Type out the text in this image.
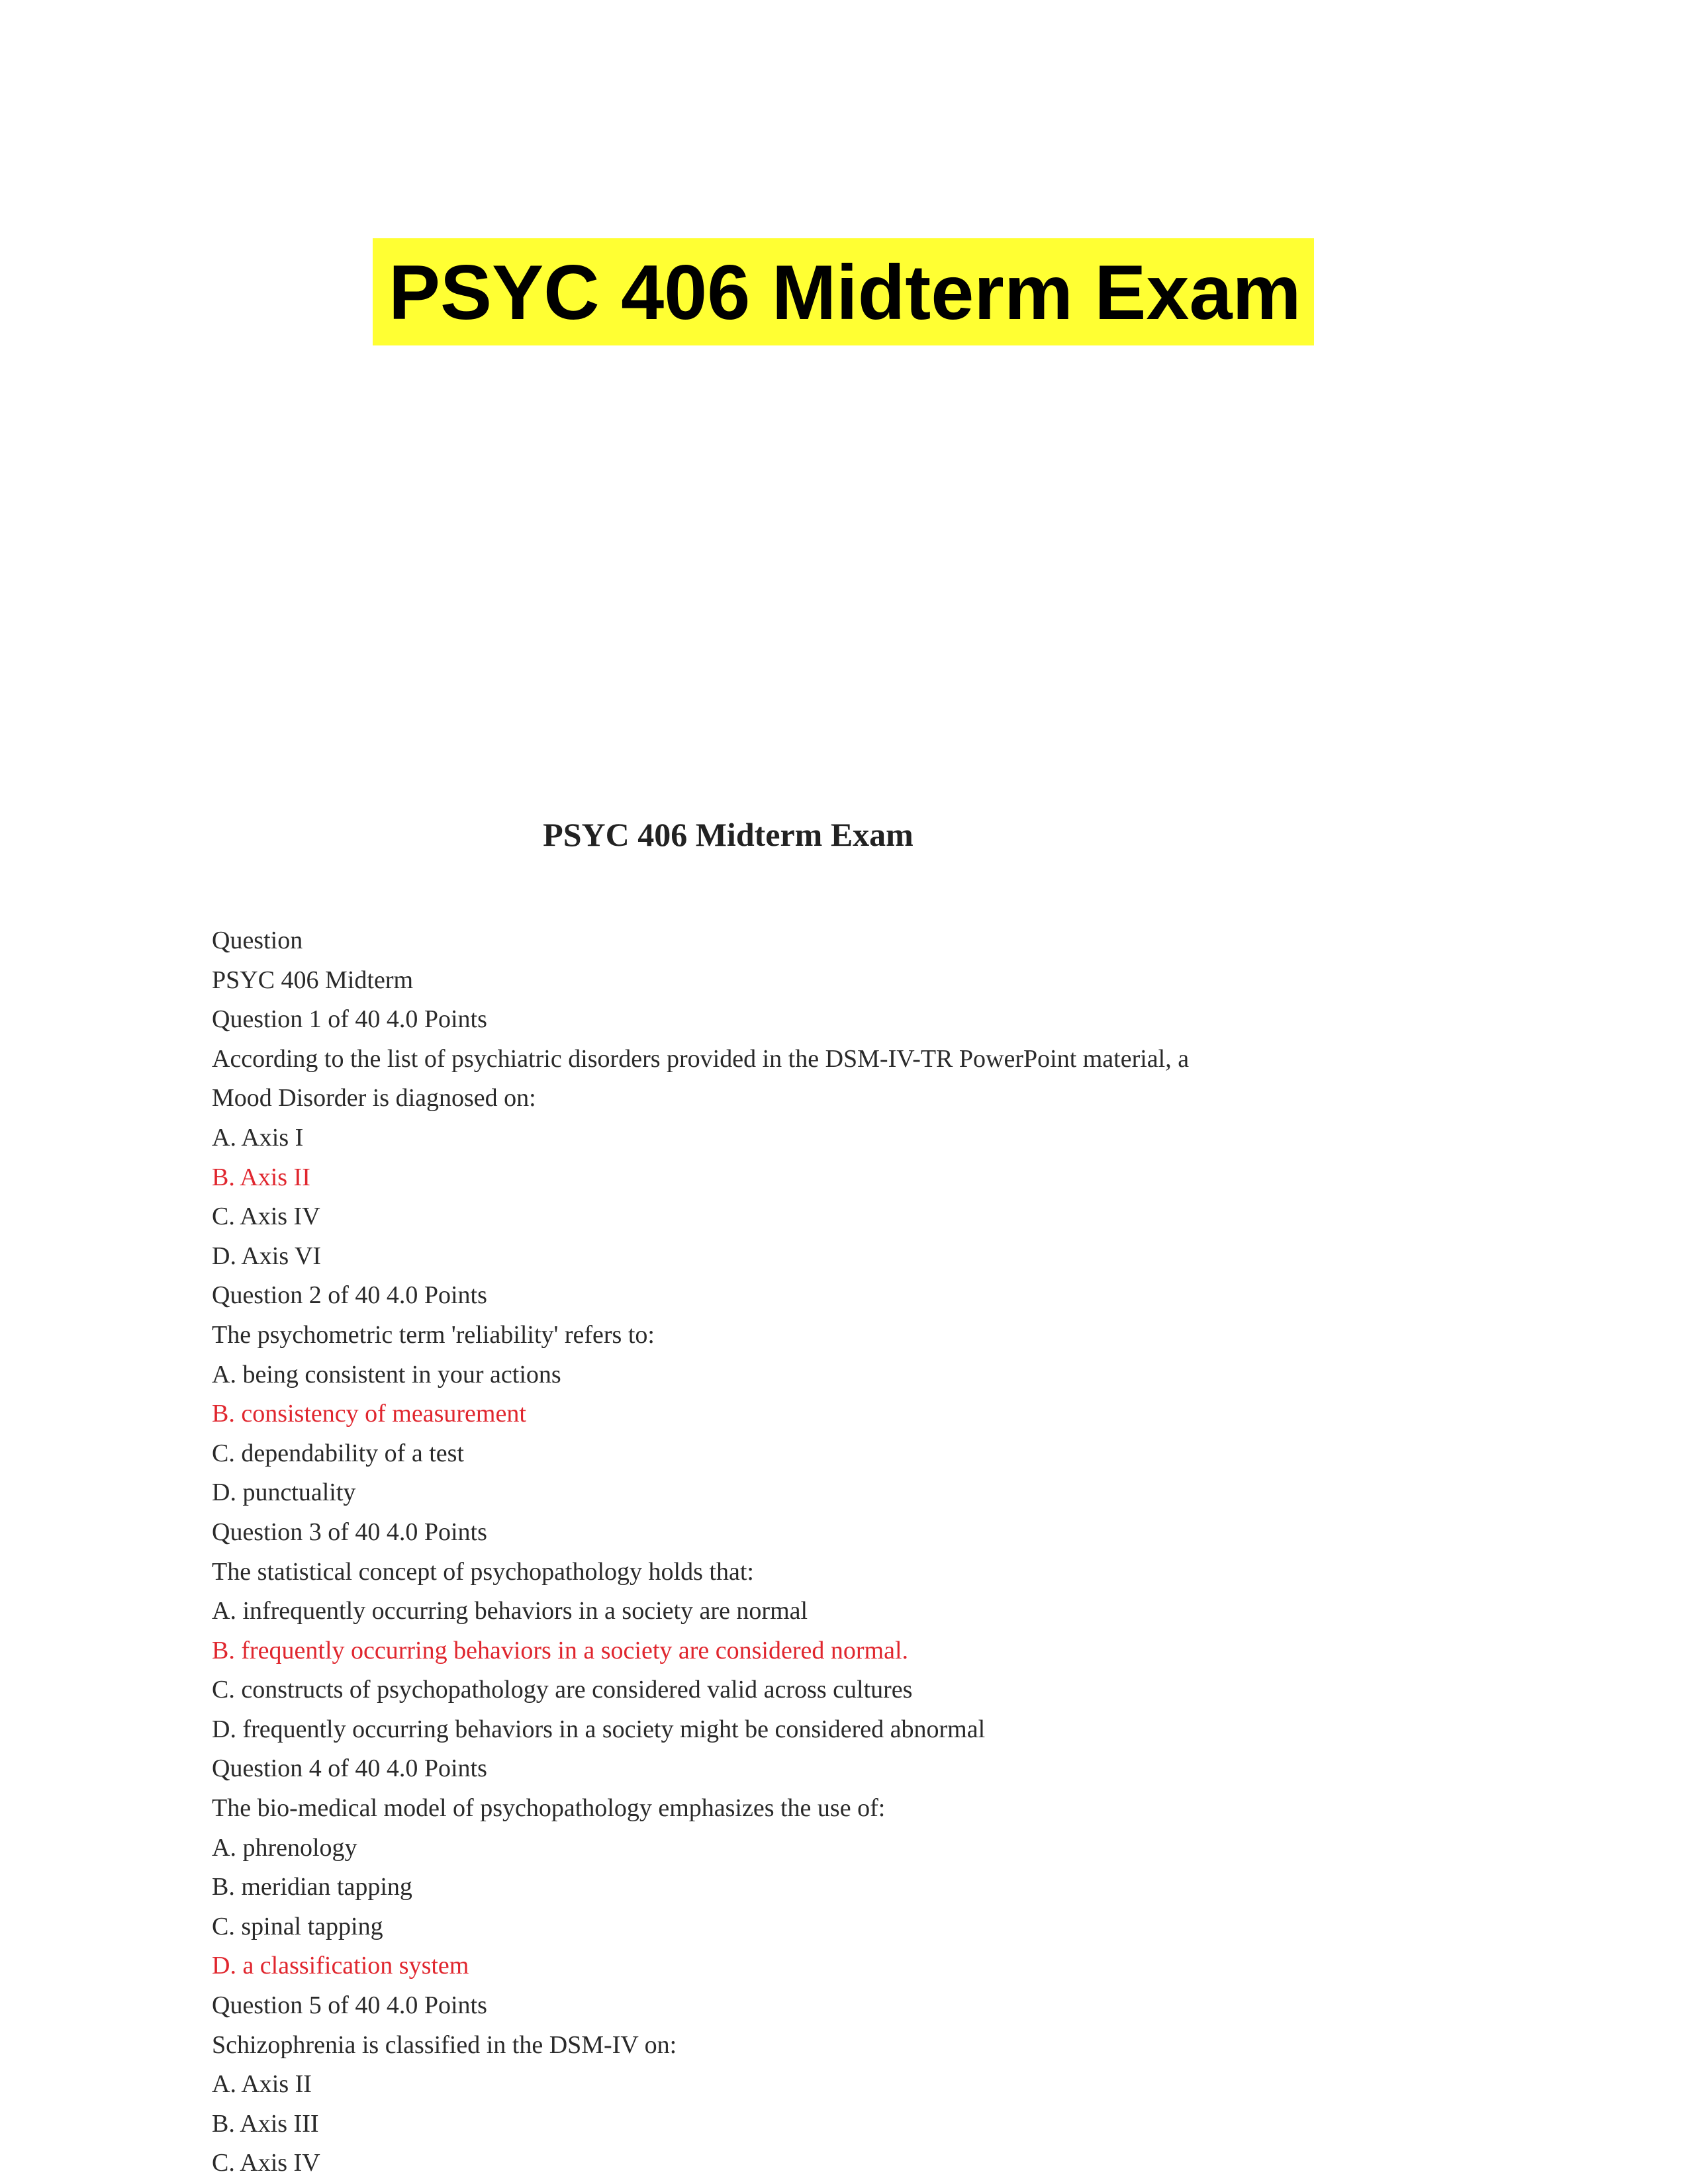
PSYC 406 Midterm Exam
PSYC 406 Midterm Exam
Question
PSYC 406 Midterm
Question 1 of 40 4.0 Points
According to the list of psychiatric disorders provided in the DSM-IV-TR PowerPoint material, a
Mood Disorder is diagnosed on:
A. Axis I
B. Axis II
C. Axis IV
D. Axis VI
Question 2 of 40 4.0 Points
The psychometric term 'reliability' refers to:
A. being consistent in your actions
B. consistency of measurement
C. dependability of a test
D. punctuality
Question 3 of 40 4.0 Points
The statistical concept of psychopathology holds that:
A. infrequently occurring behaviors in a society are normal
B. frequently occurring behaviors in a society are considered normal.
C. constructs of psychopathology are considered valid across cultures
D. frequently occurring behaviors in a society might be considered abnormal
Question 4 of 40 4.0 Points
The bio-medical model of psychopathology emphasizes the use of:
A. phrenology
B. meridian tapping
C. spinal tapping
D. a classification system
Question 5 of 40 4.0 Points
Schizophrenia is classified in the DSM-IV on:
A. Axis II
B. Axis III
C. Axis IV
